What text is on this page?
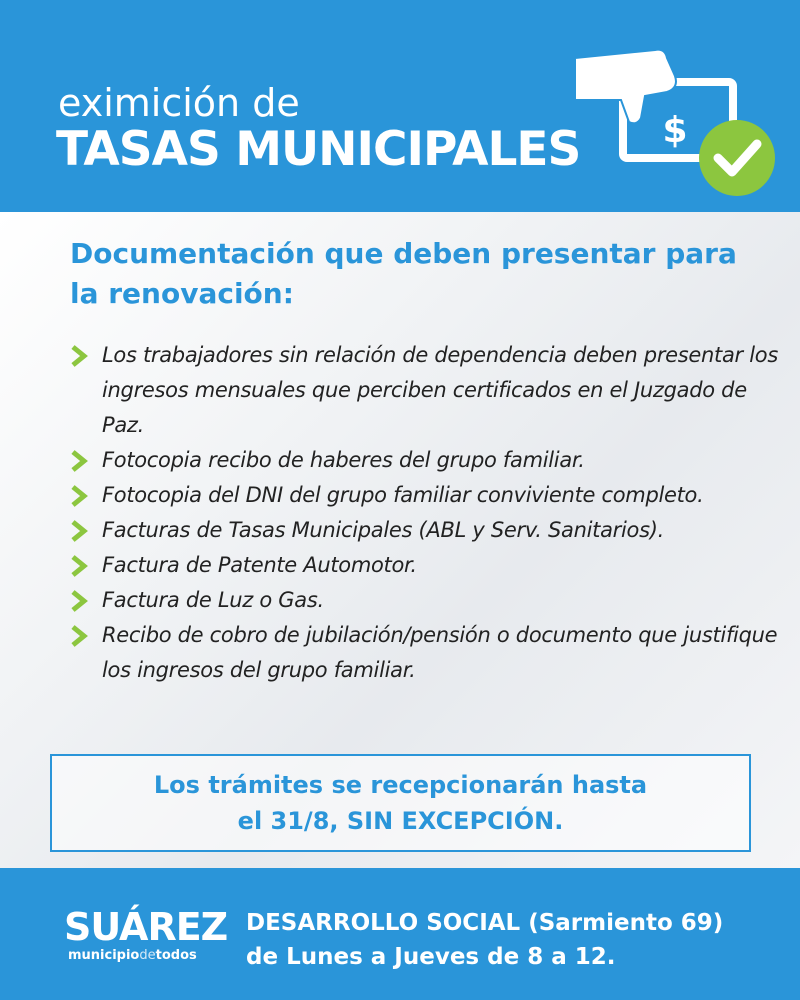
eximición de
TASAS MUNICIPALES $
Documentación que deben presentar para la renovación:
Los trabajadores sin relación de dependencia deben presentar los ingresos mensuales que perciben certificados en el Juzgado de Paz.
Fotocopia recibo de haberes del grupo familiar.
Fotocopia del DNI del grupo familiar conviviente completo.
Facturas de Tasas Municipales (ABL y Serv. Sanitarios).
Factura de Patente Automotor.
Factura de Luz o Gas.
Recibo de cobro de jubilación/pensión o documento que justifique los ingresos del grupo familiar.
Los trámites se recepcionarán hasta
el 31/8, SIN EXCEPCIÓN.
SUÁREZ
municipiodetodos
DESARROLLO SOCIAL (Sarmiento 69)
de Lunes a Jueves de 8 a 12.
